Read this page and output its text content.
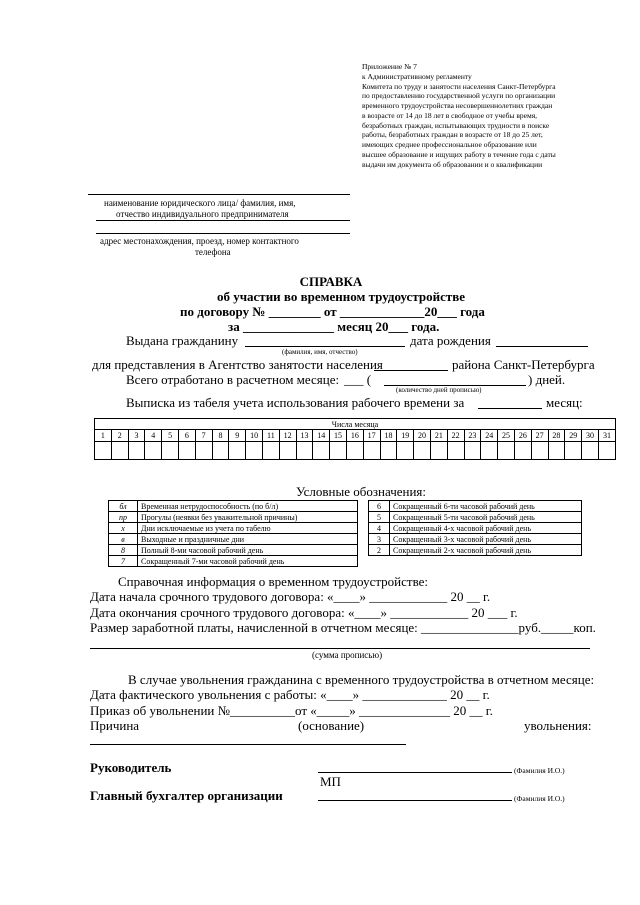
Приложение № 7
к Административному регламенту
Комитета по труду и занятости населения Санкт-Петербурга
по предоставлению государственной услуги по организации
временного трудоустройства несовершеннолетних граждан
в возрасте от 14 до 18 лет в свободное от учебы время,
безработных граждан, испытывающих трудности в поиске
работы, безработных граждан в возрасте от 18 до 25 лет,
имеющих среднее профессиональное образование или
высшее образование и ищущих работу в течение года с даты
выдачи им документа об образовании и о квалификации
наименование юридического лица/ фамилия, имя,
отчество индивидуального предпринимателя
адрес местонахождения, проезд, номер контактного
телефона
СПРАВКА
об участии во временном трудоустройстве
по договору № ________ от _____________20___ года
за ______________ месяц 20___ года.
Выдана гражданину	дата рождения
(фамилия, имя, отчество)
для представления в Агентство занятости населения	района Санкт-Петербурга
Всего отработано в расчетном месяце: ___ (	) дней.
(количество дней прописью)
Выписка из табеля учета использования рабочего времени за	месяц:
Числа месяца																														
1	2	3	4	5	6	7	8	9	10	11	12	13	14	15	16	17	18	19	20	21	22	23	24	25	26	27	28	29	30	31

Условные обозначения:
бл	Временная нетрудоспособность (по б/л)
пр	Прогулы (неявки без уважительной причины)
х	Дни исключаемые из учета по табелю
в	Выходные и праздничные дни
8	Полный 8-ми часовой рабочий день
7	Сокращенный 7-ми часовой рабочий день
6	Сокращенный 6-ти часовой рабочий день
5	Сокращенный 5-ти часовой рабочий день
4	Сокращенный 4-х часовой рабочий день
3	Сокращенный 3-х часовой рабочий день
2	Сокращенный 2-х часовой рабочий день
Справочная информация о временном трудоустройстве:
Дата начала срочного трудового договора: «____» ____________ 20 __ г.
Дата окончания срочного трудового договора: «____» ____________ 20 ___ г.
Размер заработной платы, начисленной в отчетном месяце: _______________руб._____коп.
(сумма прописью)
В случае увольнения гражданина с временного трудоустройства в отчетном месяце:
Дата фактического увольнения с работы: «____» _____________ 20 __ г.
Приказ об увольнении №__________от «_____» ______________ 20 __ г.
Причина	(основание)	увольнения:
Руководитель	(Фамилия И.О.)
МП
Главный бухгалтер организации	(Фамилия И.О.)
